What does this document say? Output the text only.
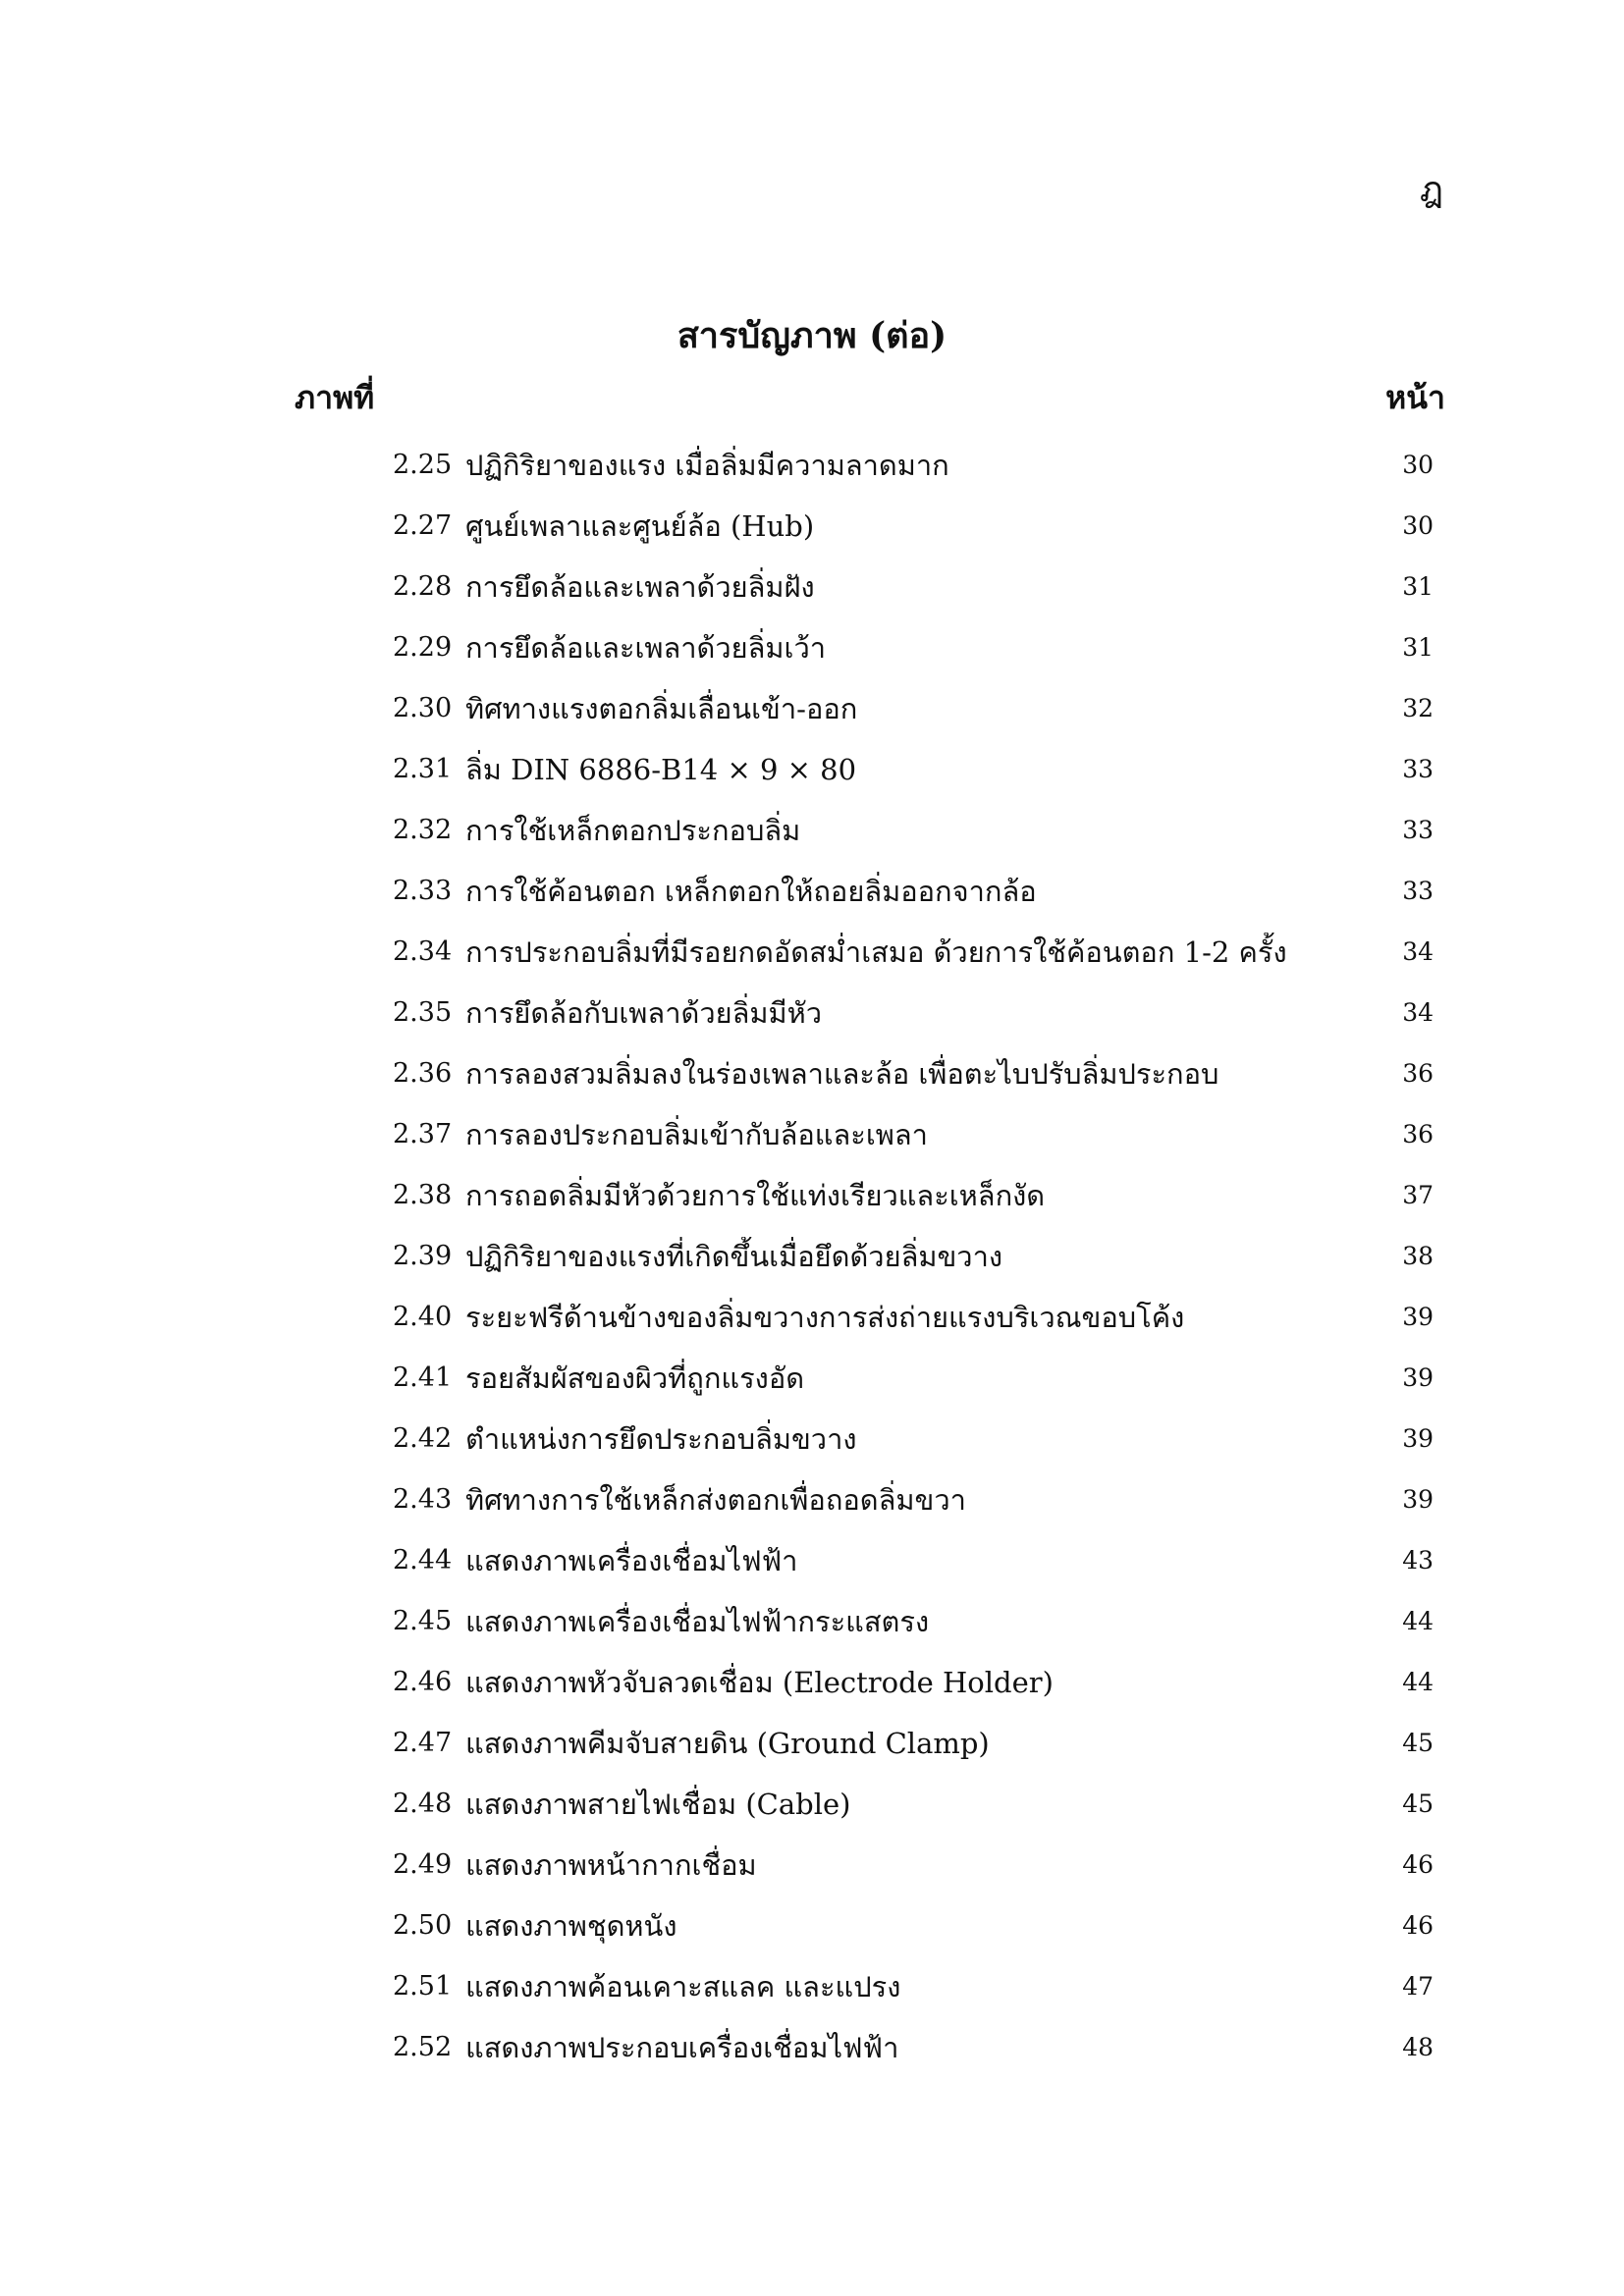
ฎ
สารบัญภาพ (ต่อ)
ภาพที่	หน้า
2.25 ปฏิกิริยาของแรง เมื่อลิ่มมีความลาดมาก	30
2.27 ศูนย์เพลาและศูนย์ล้อ (Hub)	30
2.28 การยึดล้อและเพลาด้วยลิ่มฝัง	31
2.29 การยึดล้อและเพลาด้วยลิ่มเว้า	31
2.30 ทิศทางแรงตอกลิ่มเลื่อนเข้า-ออก	32
2.31 ลิ่ม DIN 6886-B14 × 9 × 80	33
2.32 การใช้เหล็กตอกประกอบลิ่ม	33
2.33 การใช้ค้อนตอก เหล็กตอกให้ถอยลิ่มออกจากล้อ	33
2.34 การประกอบลิ่มที่มีรอยกดอัดสม่ำเสมอ ด้วยการใช้ค้อนตอก 1-2 ครั้ง	34
2.35 การยึดล้อกับเพลาด้วยลิ่มมีหัว	34
2.36 การลองสวมลิ่มลงในร่องเพลาและล้อ เพื่อตะไบปรับลิ่มประกอบ	36
2.37 การลองประกอบลิ่มเข้ากับล้อและเพลา	36
2.38 การถอดลิ่มมีหัวด้วยการใช้แท่งเรียวและเหล็กงัด	37
2.39 ปฏิกิริยาของแรงที่เกิดขึ้นเมื่อยึดด้วยลิ่มขวาง	38
2.40 ระยะฟรีด้านข้างของลิ่มขวางการส่งถ่ายแรงบริเวณขอบโค้ง	39
2.41 รอยสัมผัสของผิวที่ถูกแรงอัด	39
2.42 ตำแหน่งการยึดประกอบลิ่มขวาง	39
2.43 ทิศทางการใช้เหล็กส่งตอกเพื่อถอดลิ่มขวา	39
2.44 แสดงภาพเครื่องเชื่อมไฟฟ้า	43
2.45 แสดงภาพเครื่องเชื่อมไฟฟ้ากระแสตรง	44
2.46 แสดงภาพหัวจับลวดเชื่อม (Electrode Holder)	44
2.47 แสดงภาพคีมจับสายดิน (Ground Clamp)	45
2.48 แสดงภาพสายไฟเชื่อม (Cable)	45
2.49 แสดงภาพหน้ากากเชื่อม	46
2.50 แสดงภาพชุดหนัง	46
2.51 แสดงภาพค้อนเคาะสแลค และแปรง	47
2.52 แสดงภาพประกอบเครื่องเชื่อมไฟฟ้า	48
